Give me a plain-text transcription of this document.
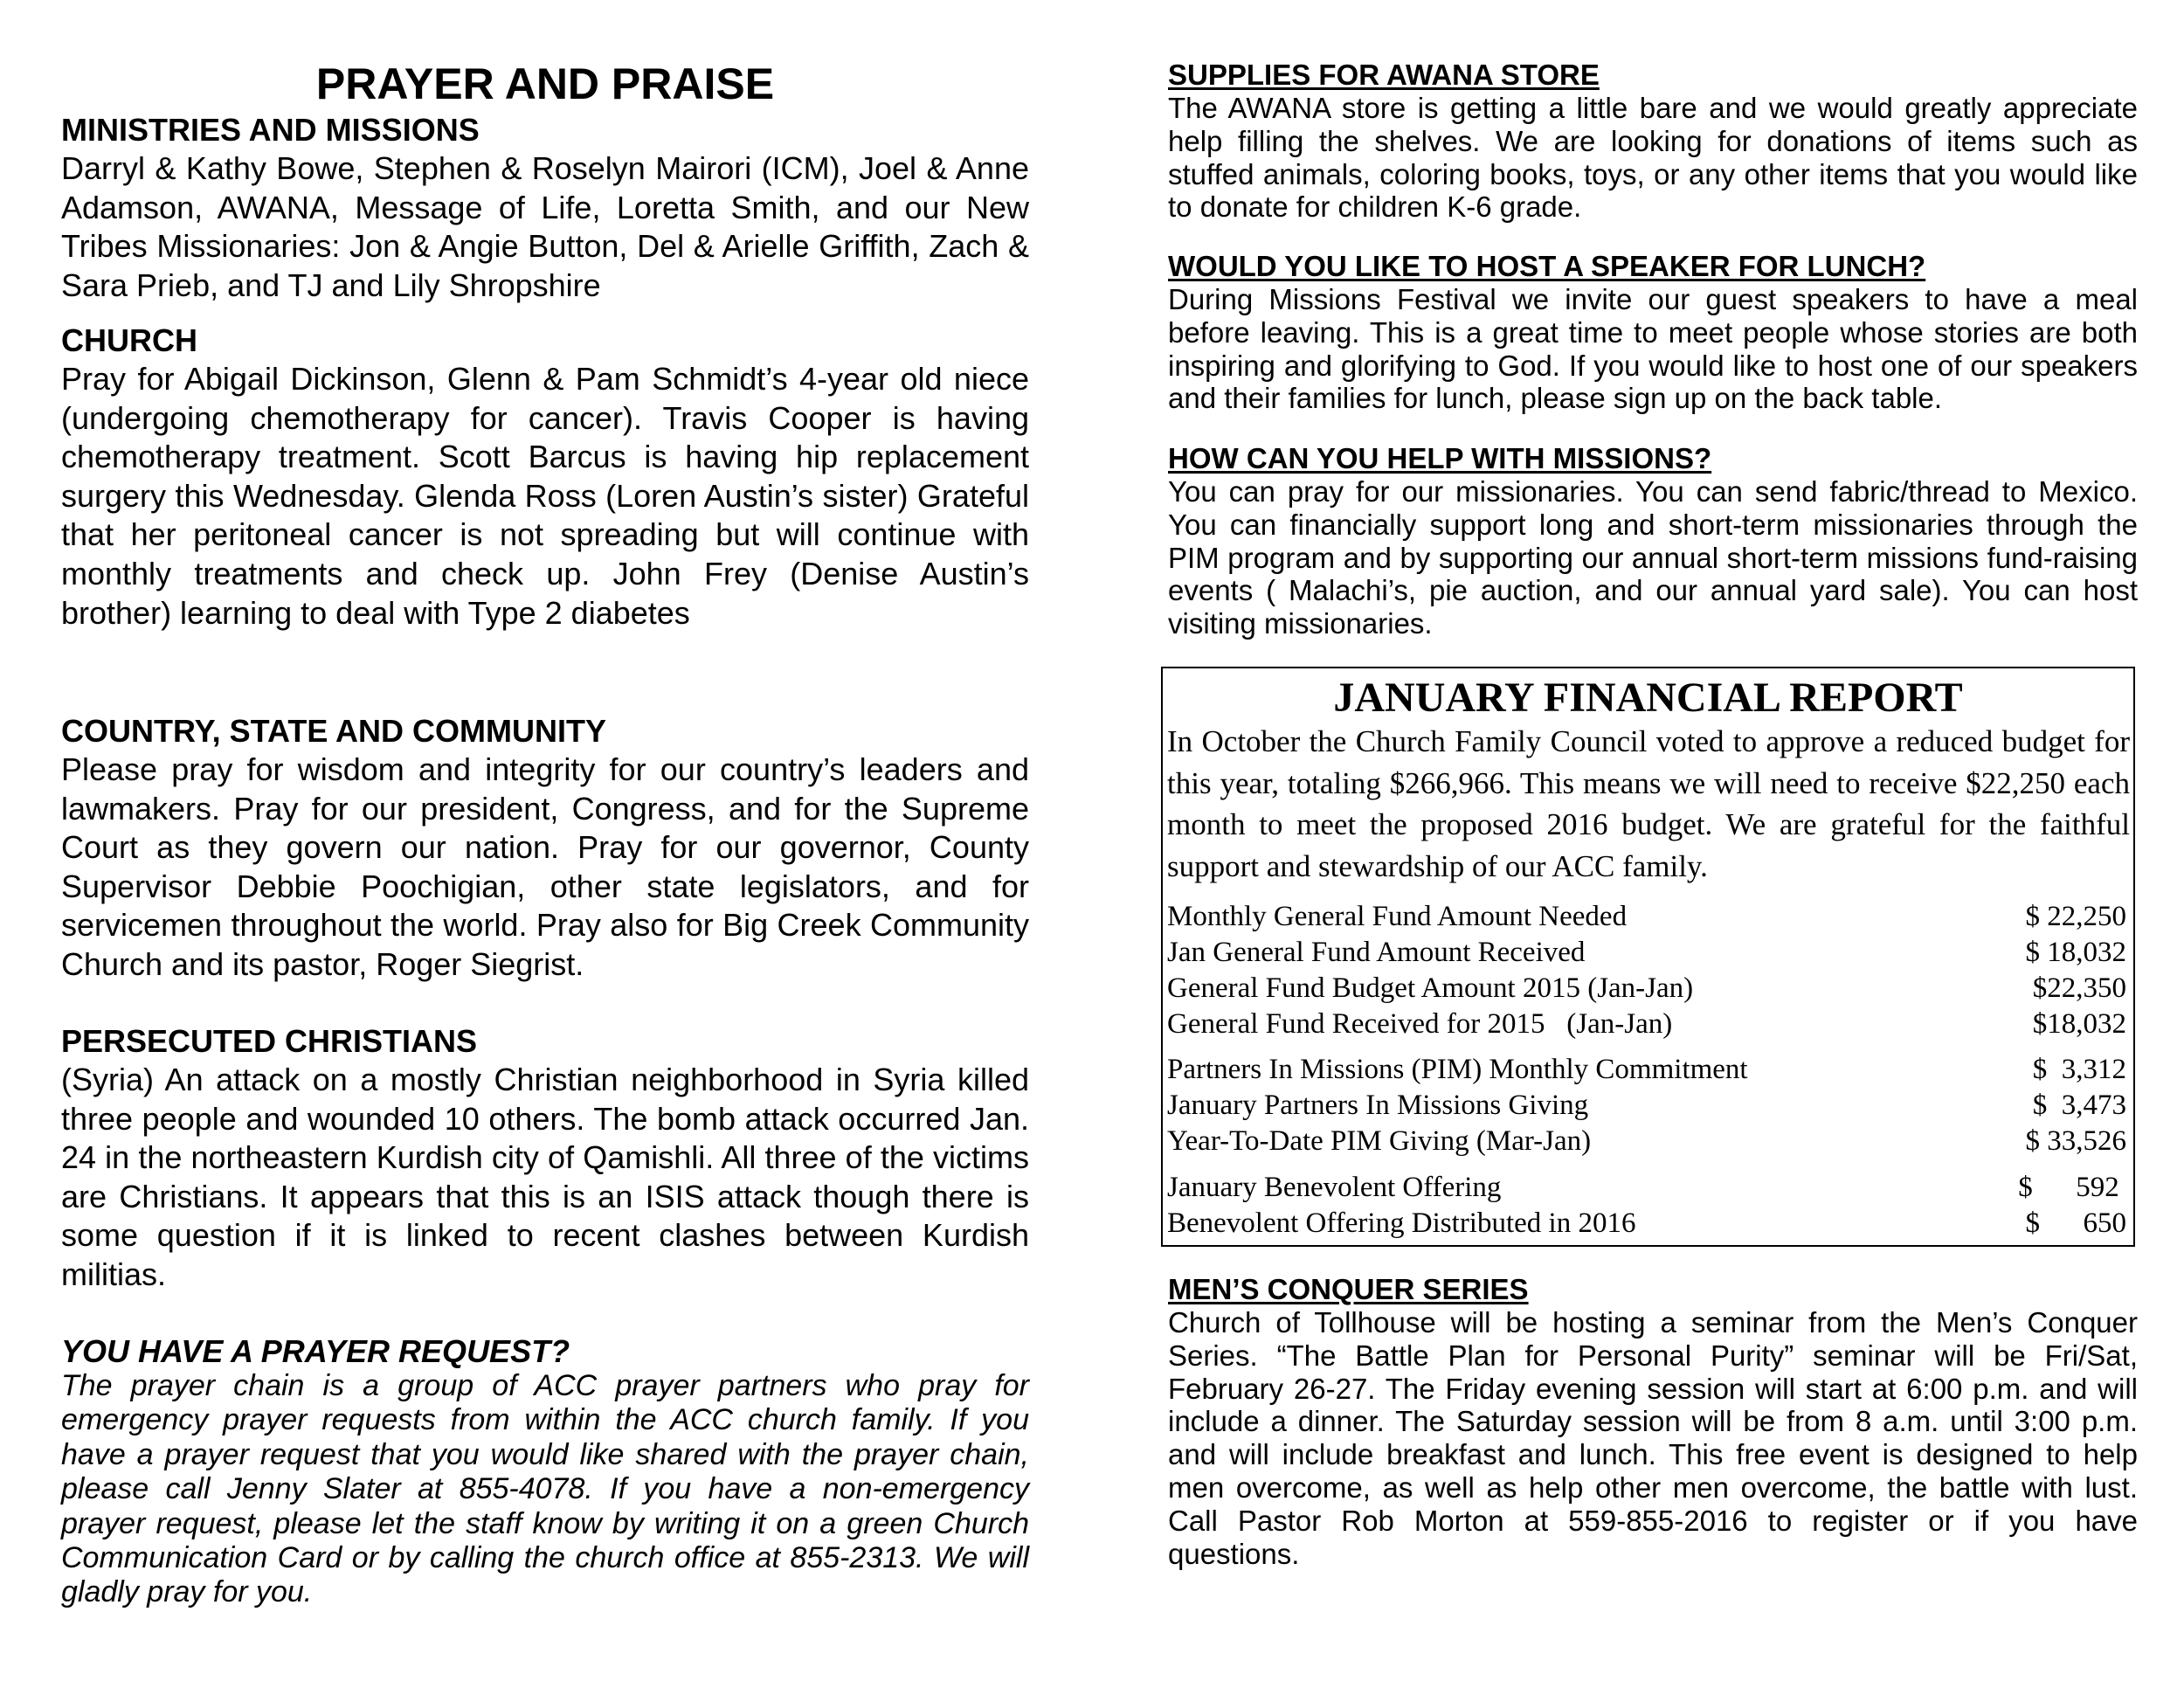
PRAYER AND PRAISE
MINISTRIES AND MISSIONS
Darryl & Kathy Bowe, Stephen & Roselyn Mairori (ICM), Joel & Anne Adamson, AWANA, Message of Life, Loretta Smith, and our New Tribes Missionaries: Jon & Angie Button, Del & Arielle Griffith, Zach & Sara Prieb, and TJ and Lily Shropshire
CHURCH
Pray for Abigail Dickinson, Glenn & Pam Schmidt’s 4-year old niece (undergoing chemotherapy for cancer). Travis Cooper is having chemotherapy treatment. Scott Barcus is having hip replacement surgery this Wednesday. Glenda Ross (Loren Austin’s sister) Grateful that her peritoneal cancer is not spreading but will continue with monthly treatments and check up. John Frey (Denise Austin’s brother) learning to deal with Type 2 diabetes
COUNTRY, STATE AND COMMUNITY
Please pray for wisdom and integrity for our country’s leaders and lawmakers. Pray for our president, Congress, and for the Supreme Court as they govern our nation. Pray for our governor, County Supervisor Debbie Poochigian, other state legislators, and for servicemen throughout the world. Pray also for Big Creek Community Church and its pastor, Roger Siegrist.
PERSECUTED CHRISTIANS
(Syria) An attack on a mostly Christian neighborhood in Syria killed three people and wounded 10 others. The bomb attack occurred Jan. 24 in the northeastern Kurdish city of Qamishli. All three of the victims are Christians. It appears that this is an ISIS attack though there is some question if it is linked to recent clashes between Kurdish militias.
YOU HAVE A PRAYER REQUEST?
The prayer chain is a group of ACC prayer partners who pray for emergency prayer requests from within the ACC church family. If you have a prayer request that you would like shared with the prayer chain, please call Jenny Slater at 855-4078. If you have a non-emergency prayer request, please let the staff know by writing it on a green Church Communication Card or by calling the church office at 855-2313. We will gladly pray for you.
SUPPLIES FOR AWANA STORE
The AWANA store is getting a little bare and we would greatly appreciate help filling the shelves. We are looking for donations of items such as stuffed animals, coloring books, toys, or any other items that you would like to donate for children K-6 grade.
WOULD YOU LIKE TO HOST A SPEAKER FOR LUNCH?
During Missions Festival we invite our guest speakers to have a meal before leaving. This is a great time to meet people whose stories are both inspiring and glorifying to God. If you would like to host one of our speakers and their families for lunch, please sign up on the back table.
HOW CAN YOU HELP WITH MISSIONS?
You can pray for our missionaries. You can send fabric/thread to Mexico. You can financially support long and short-term missionaries through the PIM program and by supporting our annual short-term missions fund-raising events ( Malachi’s, pie auction, and our annual yard sale). You can host visiting missionaries.
JANUARY FINANCIAL REPORT
In October the Church Family Council voted to approve a reduced budget for this year, totaling $266,966. This means we will need to receive $22,250 each month to meet the proposed 2016 budget. We are grateful for the faithful support and stewardship of our ACC family.
Monthly General Fund Amount Needed	$ 22,250
Jan General Fund Amount Received	$ 18,032
General Fund Budget Amount 2015 (Jan-Jan)	$22,350
General Fund Received for 2015   (Jan-Jan)	$18,032
Partners In Missions (PIM) Monthly Commitment	$  3,312
January Partners In Missions Giving	$  3,473
Year-To-Date PIM Giving (Mar-Jan)	$ 33,526
January Benevolent Offering	$      592
Benevolent Offering Distributed in 2016	$      650
MEN’S CONQUER SERIES
Church of Tollhouse will be hosting a seminar from the Men’s Conquer Series. “The Battle Plan for Personal Purity” seminar will be Fri/Sat, February 26-27. The Friday evening session will start at 6:00 p.m. and will include a dinner. The Saturday session will be from 8 a.m. until 3:00 p.m. and will include breakfast and lunch. This free event is designed to help men overcome, as well as help other men overcome, the battle with lust. Call Pastor Rob Morton at 559-855-2016 to register or if you have questions.
